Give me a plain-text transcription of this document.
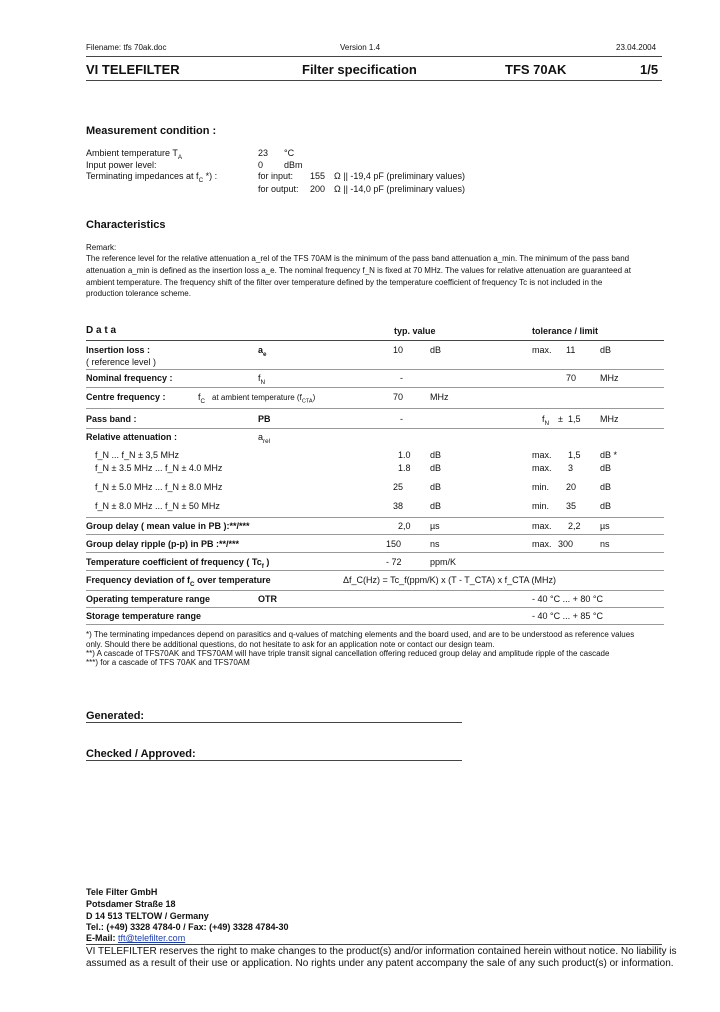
Filename: tfs 70ak.doc	Version 1.4	23.04.2004
VI TELEFILTER	Filter specification	TFS 70AK	1/5
Measurement condition :
Ambient temperature $T_A$	23 °C
Input power level:	0 dBm
Terminating impedances at $f_C$ *) :	for input: 155 Ω || -19,4 pF (preliminary values)
for output: 200 Ω || -14,0 pF (preliminary values)
Characteristics
Remark:
The reference level for the relative attenuation a_rel of the TFS 70AM is the minimum of the pass band attenuation a_min. The minimum of the pass band
attenuation a_min is defined as the insertion loss a_e. The nominal frequency f_N is fixed at 70 MHz. The values for relative attenuation are guaranteed at
ambient temperature. The frequency shift of the filter over temperature defined by the temperature coefficient of frequency Tc is not included in the
production tolerance scheme.
D a t a	typ. value	tolerance / limit
Insertion loss :
( reference level )
$a_e$	10	dB	max. 11	dB
Nominal frequency :	$f_N$	-	70	MHz
Centre frequency :	$f_C$ at ambient temperature $(f_{CTA})$	70	MHz
Pass band :	PB	-	$f_N \pm 1,5$ MHz
Relative attenuation :	$a_{rel}$
f_N ... f_N ± 3,5 MHz	1.0 dB	max. 1,5 dB *
f_N ± 3.5 MHz ... f_N ± 4.0 MHz	1.8 dB	max. 3	dB
f_N ± 5.0 MHz ... f_N ± 8.0 MHz	25	dB	min. 20	dB
f_N ± 8.0 MHz ... f_N ± 50 MHz	38	dB	min. 35	dB
Group delay ( mean value in PB ):**/***	2,0 µs	max. 2,2 µs
Group delay ripple (p-p) in PB :**/***	150	ns	max. 300	ns
Temperature coefficient of frequency ( $Tc_f$ )	- 72	ppm/K
Frequency deviation of $f_C$ over temperature	Δf_C(Hz) = Tc_f(ppm/K) x (T - T_CTA) x f_CTA (MHz)
Operating temperature range	OTR	- 40 °C ... + 80 °C
Storage temperature range	- 40 °C ... + 85 °C
*) The terminating impedances depend on parasitics and q-values of matching elements and the board used, and are to be understood as reference values
only. Should there be additional questions, do not hesitate to ask for an application note or contact our design team.
**) A cascade of TFS70AK and TFS70AM will have triple transit signal cancellation offering reduced group delay and amplitude ripple of the cascade
***) for a cascade of TFS 70AK and TFS70AM
Generated:
Checked / Approved:
Tele Filter GmbH
Potsdamer Straße 18
D 14 513 TELTOW / Germany
Tel.: (+49) 3328 4784-0 / Fax: (+49) 3328 4784-30
E-Mail: tft@telefilter.com
VI TELEFILTER reserves the right to make changes to the product(s) and/or information contained herein without notice. No liability is
assumed as a result of their use or application. No rights under any patent accompany the sale of any such product(s) or information.
